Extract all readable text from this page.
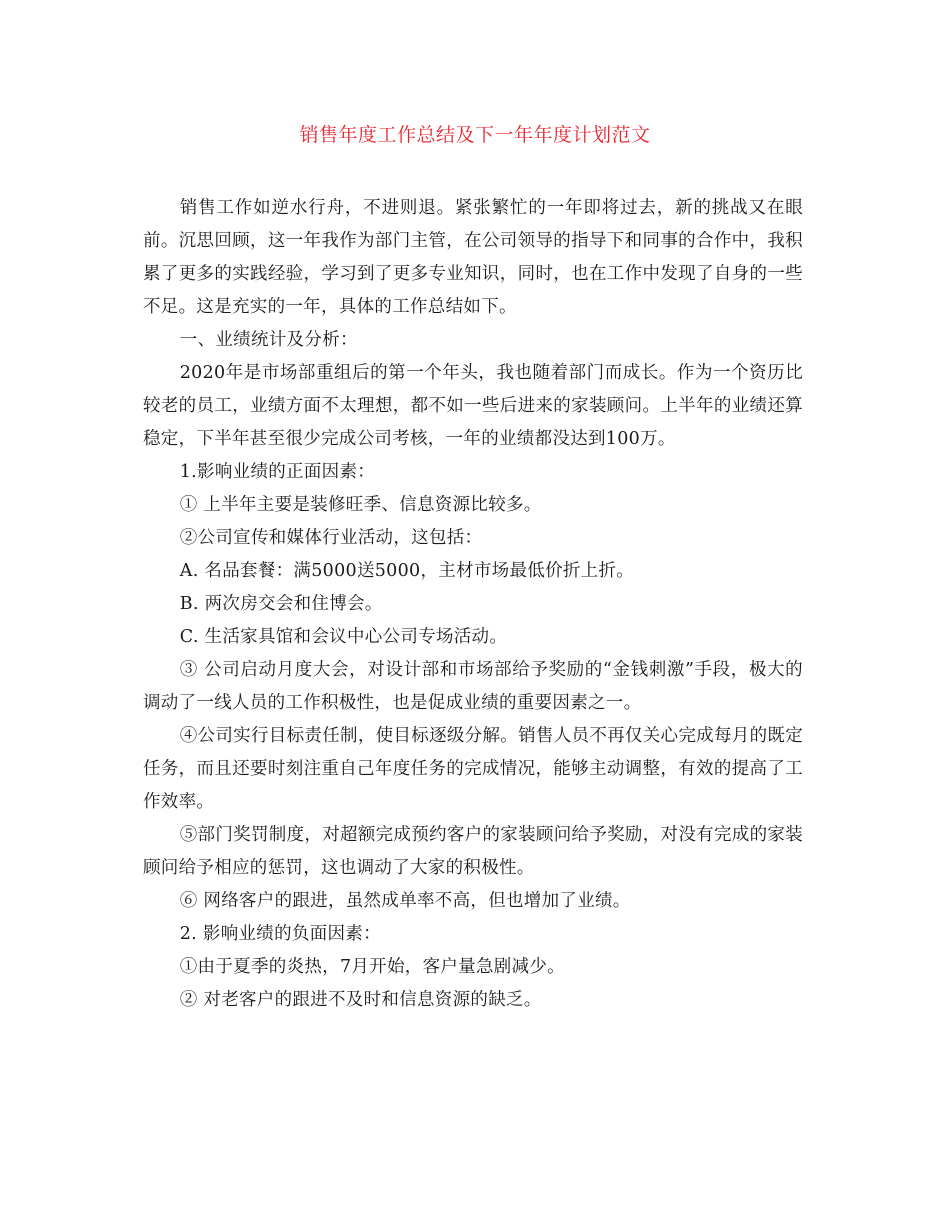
销售年度工作总结及下一年年度计划范文

销售工作如逆水行舟，不进则退。紧张繁忙的一年即将过去，新的挑战又在眼前。沉思回顾，这一年我作为部门主管，在公司领导的指导下和同事的合作中，我积累了更多的实践经验，学习到了更多专业知识，同时，也在工作中发现了自身的一些不足。这是充实的一年，具体的工作总结如下。

一、业绩统计及分析：

2020年是市场部重组后的第一个年头，我也随着部门而成长。作为一个资历比较老的员工，业绩方面不太理想，都不如一些后进来的家装顾问。上半年的业绩还算稳定，下半年甚至很少完成公司考核，一年的业绩都没达到100万。

1.影响业绩的正面因素：

① 上半年主要是装修旺季、信息资源比较多。

②公司宣传和媒体行业活动，这包括：

A. 名品套餐：满5000送5000，主材市场最低价折上折。

B. 两次房交会和住博会。

C. 生活家具馆和会议中心公司专场活动。

③ 公司启动月度大会，对设计部和市场部给予奖励的“金钱刺激”手段，极大的调动了一线人员的工作积极性，也是促成业绩的重要因素之一。

④公司实行目标责任制，使目标逐级分解。销售人员不再仅关心完成每月的既定任务，而且还要时刻注重自己年度任务的完成情况，能够主动调整，有效的提高了工作效率。

⑤部门奖罚制度，对超额完成预约客户的家装顾问给予奖励，对没有完成的家装顾问给予相应的惩罚，这也调动了大家的积极性。

⑥ 网络客户的跟进，虽然成单率不高，但也增加了业绩。

2. 影响业绩的负面因素：

①由于夏季的炎热，7月开始，客户量急剧减少。

② 对老客户的跟进不及时和信息资源的缺乏。
